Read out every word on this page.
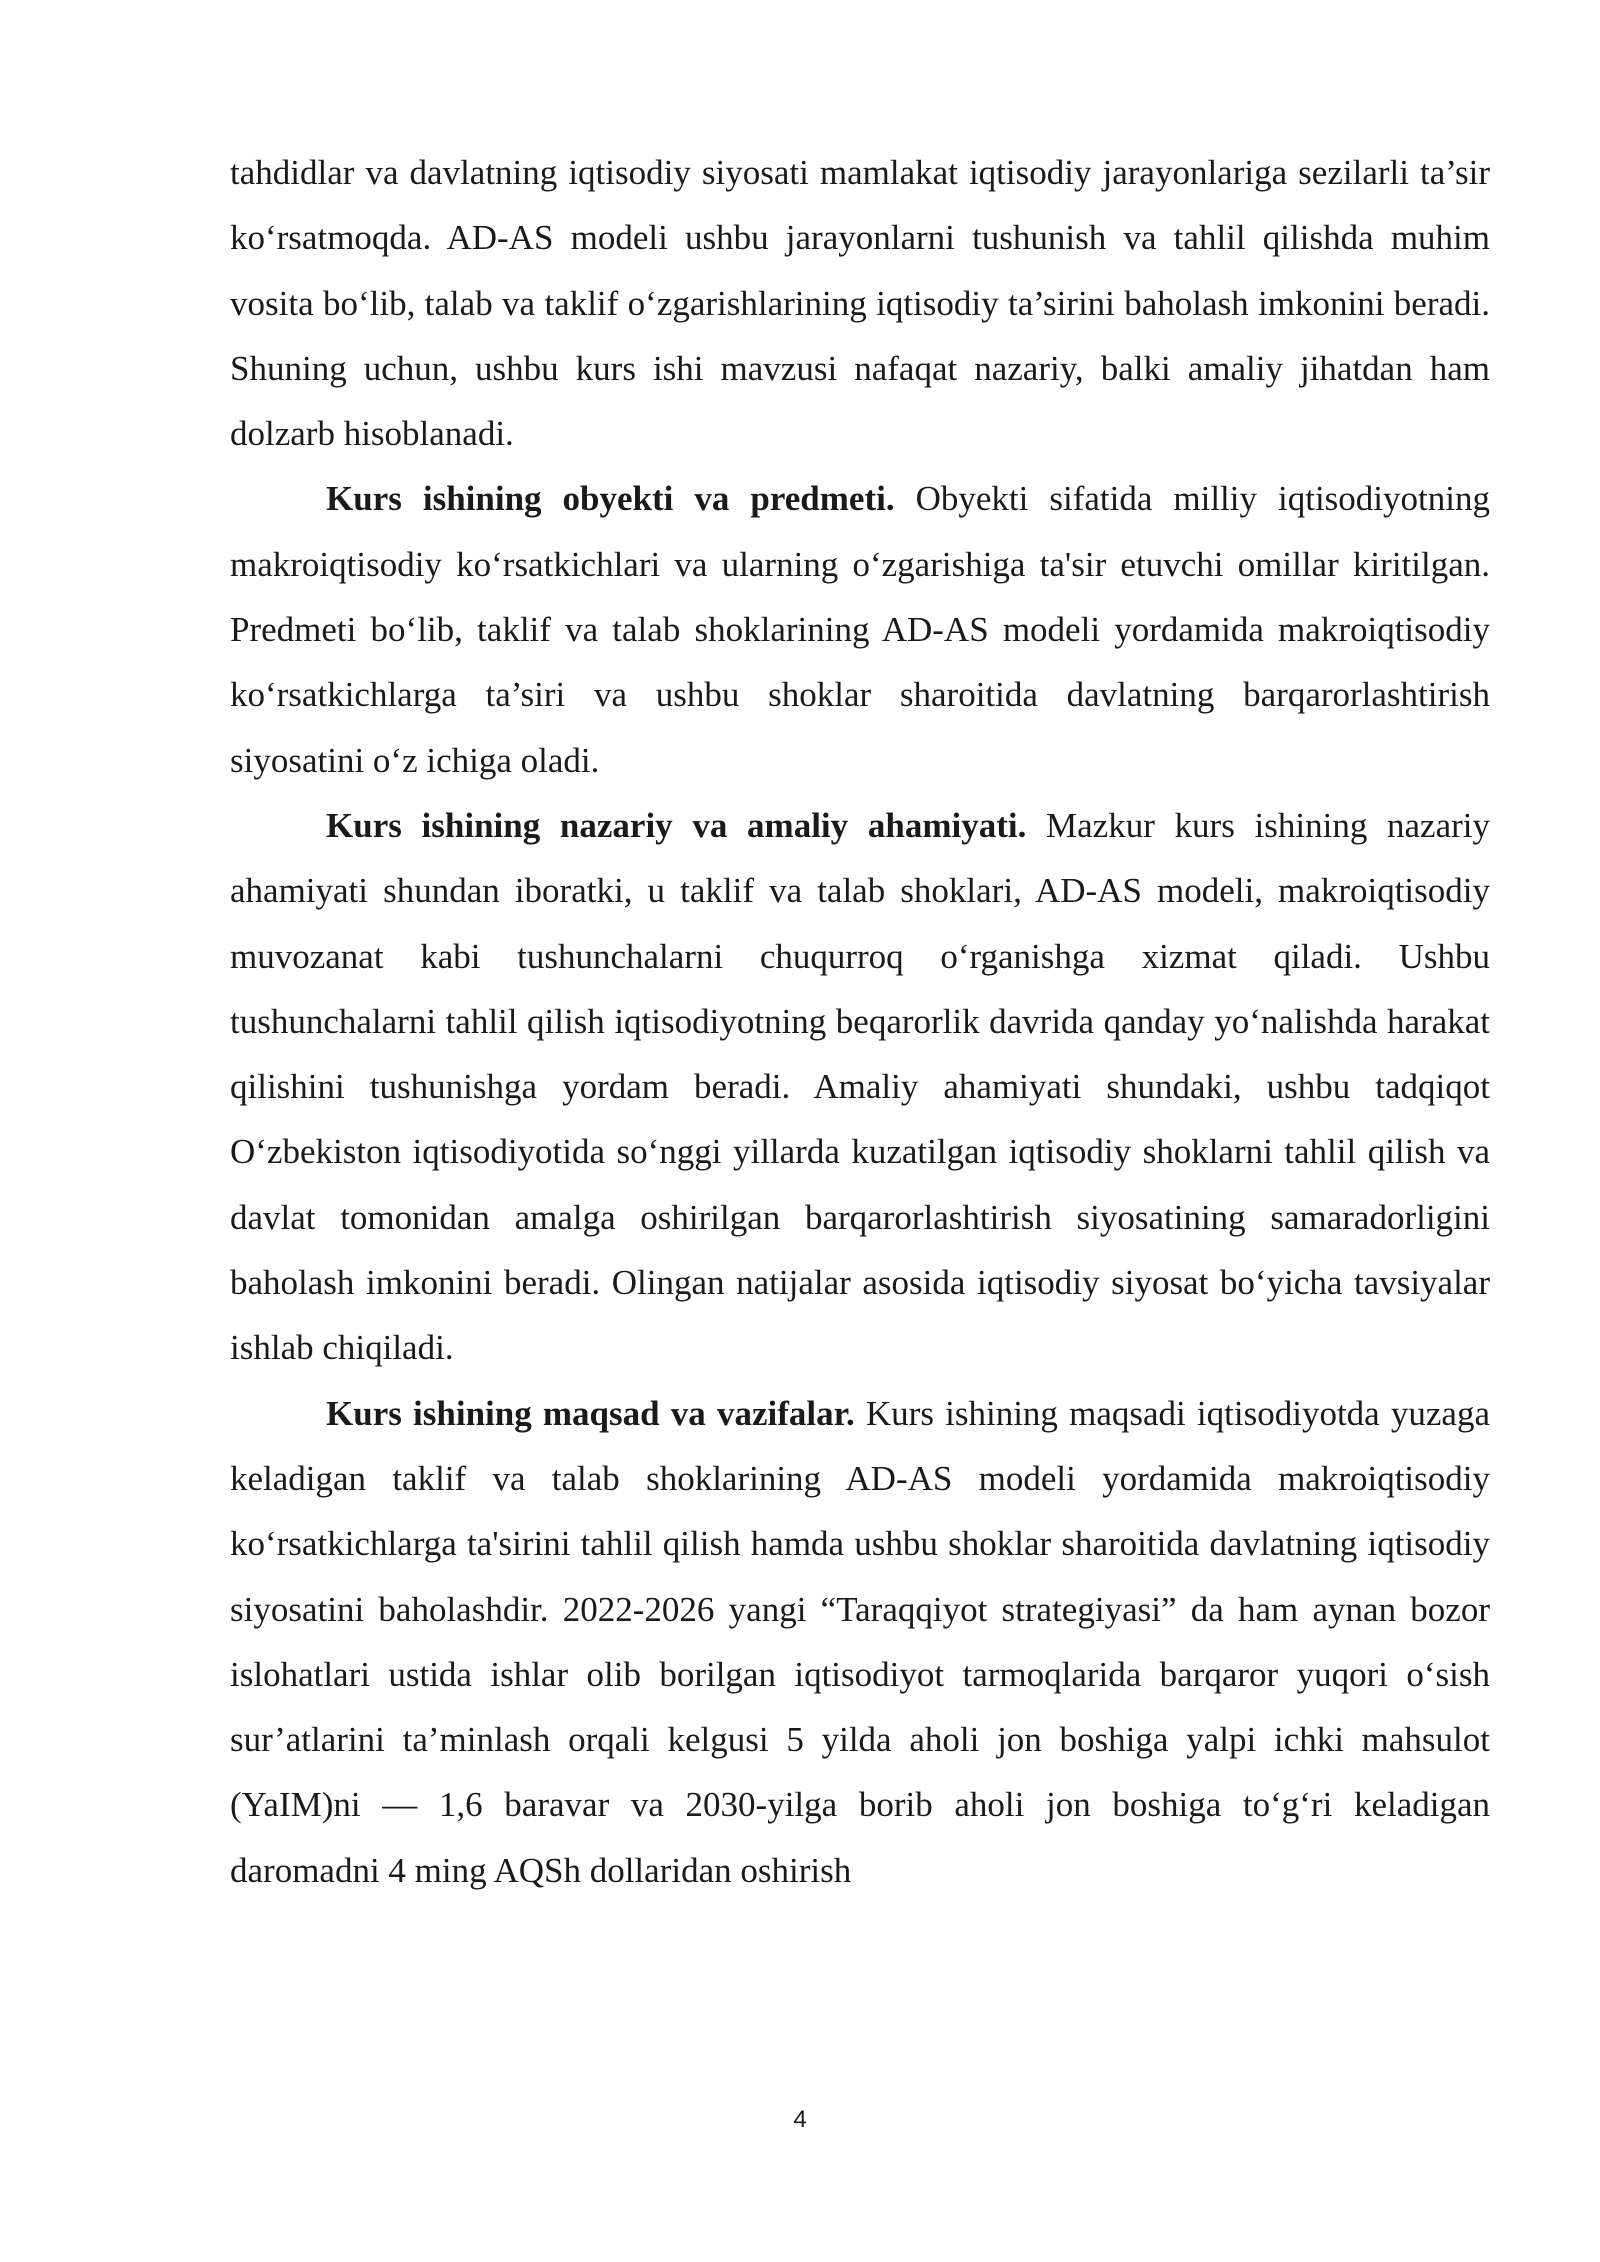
tahdidlar va davlatning iqtisodiy siyosati mamlakat iqtisodiy jarayonlariga sezilarli ta’sir ko‘rsatmoqda. AD-AS modeli ushbu jarayonlarni tushunish va tahlil qilishda muhim vosita bo‘lib, talab va taklif o‘zgarishlarining iqtisodiy ta’sirini baholash imkonini beradi. Shuning uchun, ushbu kurs ishi mavzusi nafaqat nazariy, balki amaliy jihatdan ham dolzarb hisoblanadi.

Kurs ishining obyekti va predmeti. Obyekti sifatida milliy iqtisodiyotning makroiqtisodiy ko‘rsatkichlari va ularning o‘zgarishiga ta'sir etuvchi omillar kiritilgan. Predmeti bo‘lib, taklif va talab shoklarining AD-AS modeli yordamida makroiqtisodiy ko‘rsatkichlarga ta’siri va ushbu shoklar sharoitida davlatning barqarorlashtirish siyosatini o‘z ichiga oladi.

Kurs ishining nazariy va amaliy ahamiyati. Mazkur kurs ishining nazariy ahamiyati shundan iboratki, u taklif va talab shoklari, AD-AS modeli, makroiqtisodiy muvozanat kabi tushunchalarni chuqurroq o‘rganishga xizmat qiladi. Ushbu tushunchalarni tahlil qilish iqtisodiyotning beqarorlik davrida qanday yo‘nalishda harakat qilishini tushunishga yordam beradi. Amaliy ahamiyati shundaki, ushbu tadqiqot O‘zbekiston iqtisodiyotida so‘nggi yillarda kuzatilgan iqtisodiy shoklarni tahlil qilish va davlat tomonidan amalga oshirilgan barqarorlashtirish siyosatining samaradorligini baholash imkonini beradi. Olingan natijalar asosida iqtisodiy siyosat bo‘yicha tavsiyalar ishlab chiqiladi.

Kurs ishining maqsad va vazifalar. Kurs ishining maqsadi iqtisodiyotda yuzaga keladigan taklif va talab shoklarining AD-AS modeli yordamida makroiqtisodiy ko‘rsatkichlarga ta'sirini tahlil qilish hamda ushbu shoklar sharoitida davlatning iqtisodiy siyosatini baholashdir. 2022-2026 yangi “Taraqqiyot strategiyasi” da ham aynan bozor islohatlari ustida ishlar olib borilgan iqtisodiyot tarmoqlarida barqaror yuqori o‘sish sur’atlarini ta’minlash orqali kelgusi 5 yilda aholi jon boshiga yalpi ichki mahsulot (YaIM)ni — 1,6 baravar va 2030-yilga borib aholi jon boshiga to‘g‘ri keladigan daromadni 4 ming AQSh dollaridan oshirish

4
